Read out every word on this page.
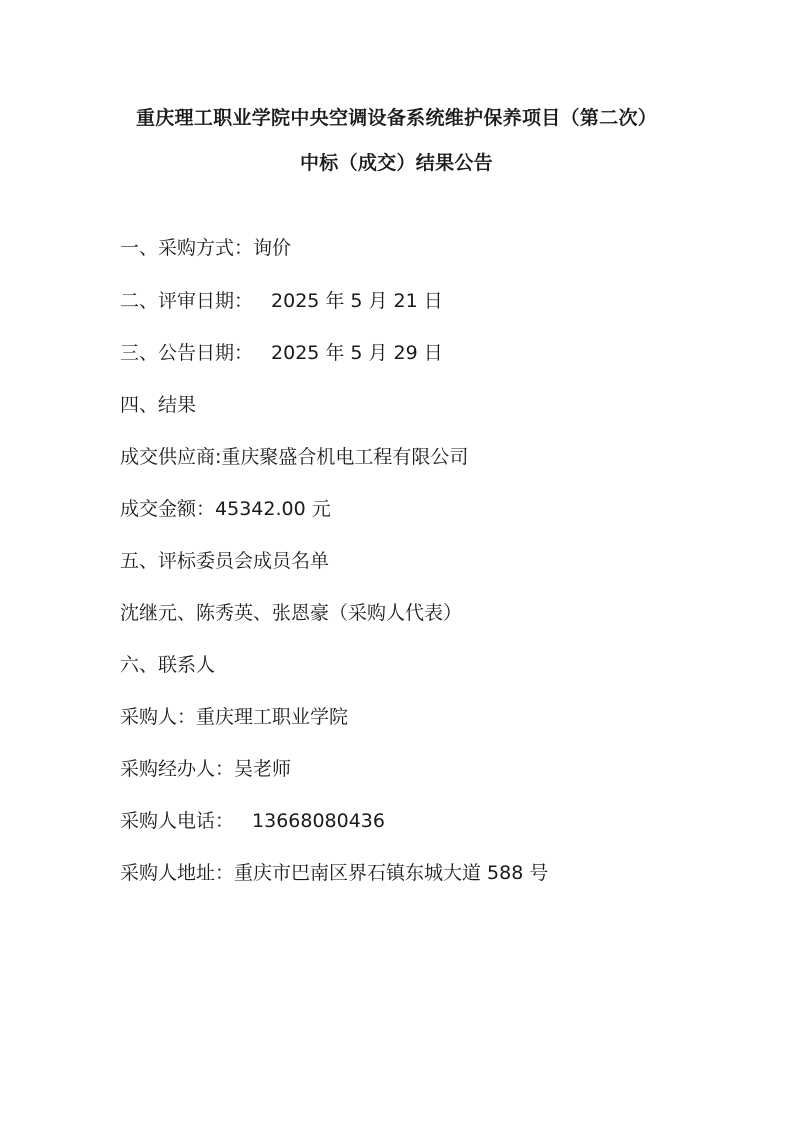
重庆理工职业学院中央空调设备系统维护保养项目（第二次）
中标（成交）结果公告
一、采购方式：询价
二、评审日期： 2025 年 5 月 21 日
三、公告日期： 2025 年 5 月 29 日
四、结果
成交供应商:重庆聚盛合机电工程有限公司
成交金额：45342.00 元
五、评标委员会成员名单
沈继元、陈秀英、张恩豪（采购人代表）
六、联系人
采购人：重庆理工职业学院
采购经办人：吴老师
采购人电话： 13668080436
采购人地址：重庆市巴南区界石镇东城大道 588 号
